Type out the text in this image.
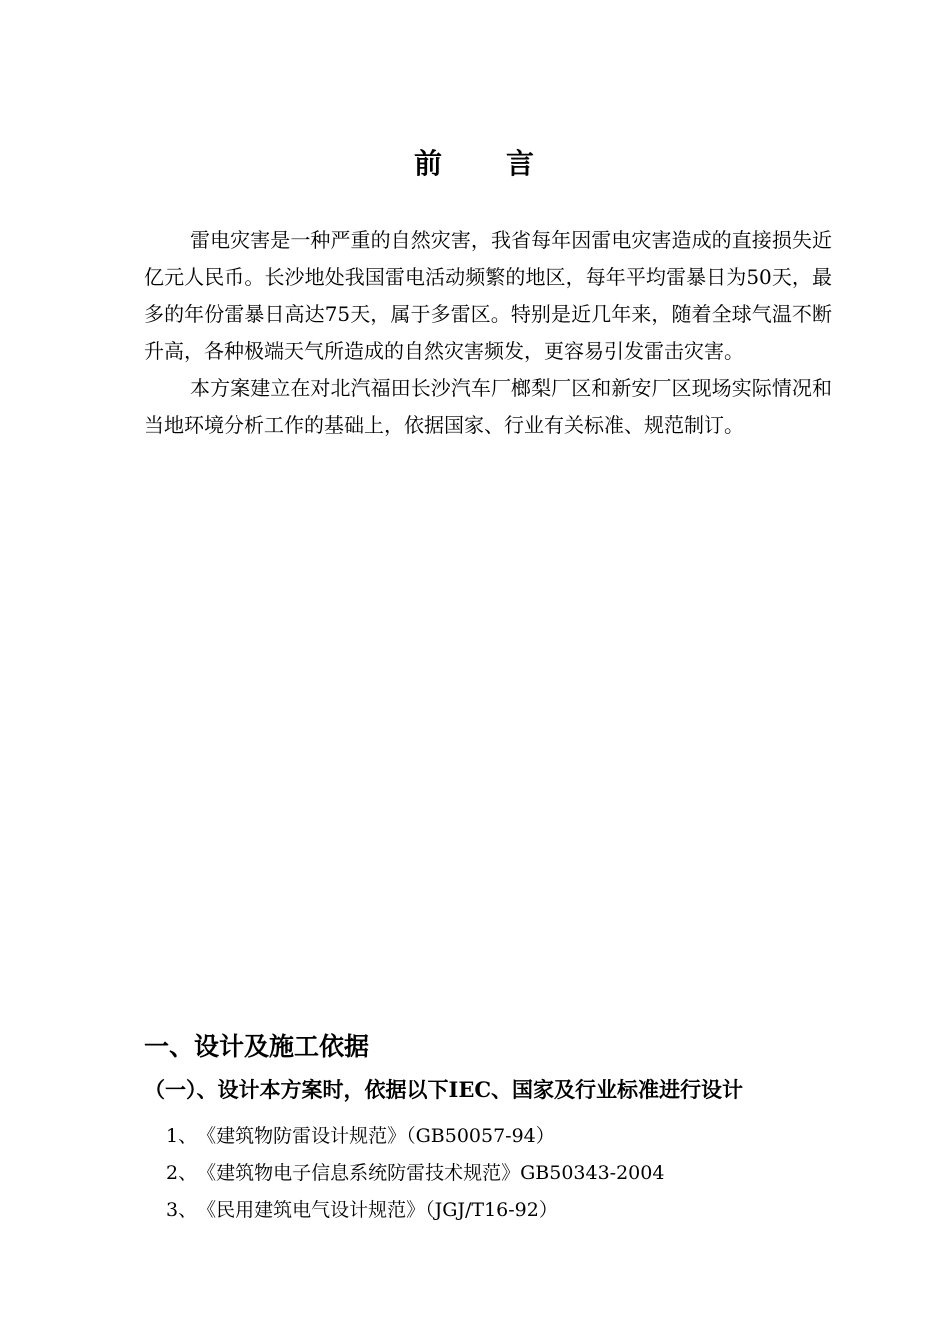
前 言

雷电灾害是一种严重的自然灾害，我省每年因雷电灾害造成的直接损失近亿元人民币。长沙地处我国雷电活动频繁的地区，每年平均雷暴日为50天，最多的年份雷暴日高达75天，属于多雷区。特别是近几年来，随着全球气温不断升高，各种极端天气所造成的自然灾害频发，更容易引发雷击灾害。

本方案建立在对北汽福田长沙汽车厂榔梨厂区和新安厂区现场实际情况和当地环境分析工作的基础上，依据国家、行业有关标准、规范制订。

一、设计及施工依据
（一）、设计本方案时，依据以下IEC、国家及行业标准进行设计
1、《建筑物防雷设计规范》（GB50057-94）
2、《建筑物电子信息系统防雷技术规范》GB50343-2004
3、《民用建筑电气设计规范》（JGJ/T16-92）
